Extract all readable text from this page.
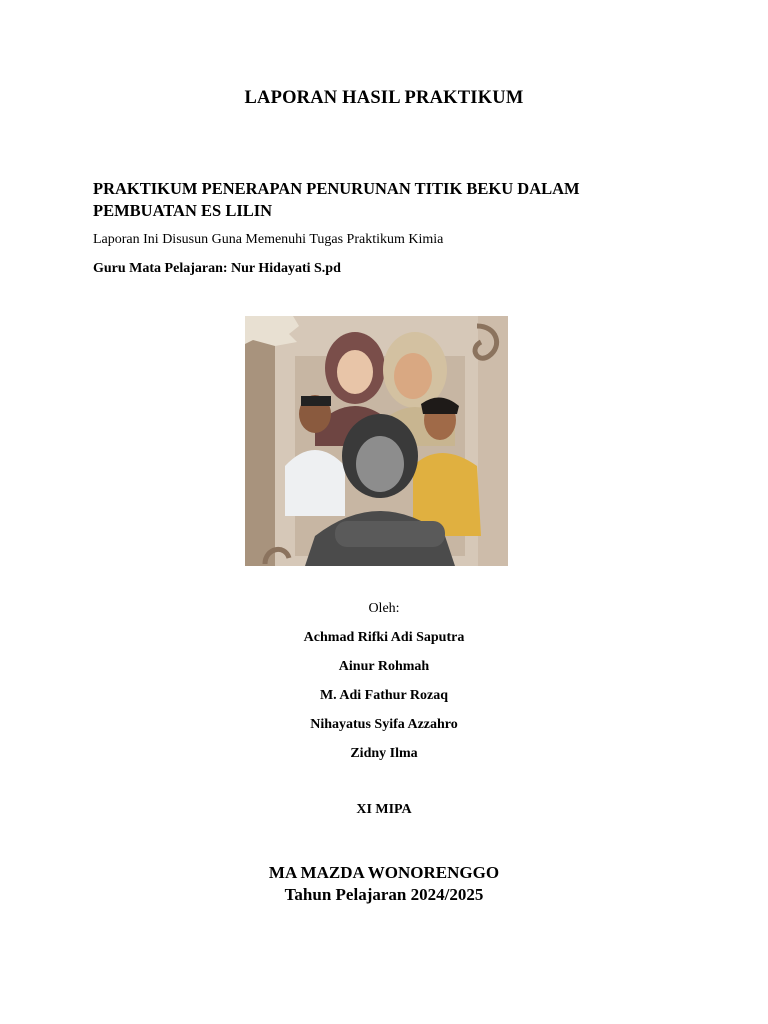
LAPORAN HASIL PRAKTIKUM
PRAKTIKUM PENERAPAN PENURUNAN TITIK BEKU DALAM
PEMBUATAN ES LILIN
Laporan Ini Disusun Guna Memenuhi Tugas Praktikum Kimia
Guru Mata Pelajaran: Nur Hidayati S.pd
Oleh:
Achmad Rifki Adi Saputra
Ainur Rohmah
M. Adi Fathur Rozaq
Nihayatus Syifa Azzahro
Zidny Ilma
XI MIPA
MA MAZDA WONORENGGO
Tahun Pelajaran 2024/2025
